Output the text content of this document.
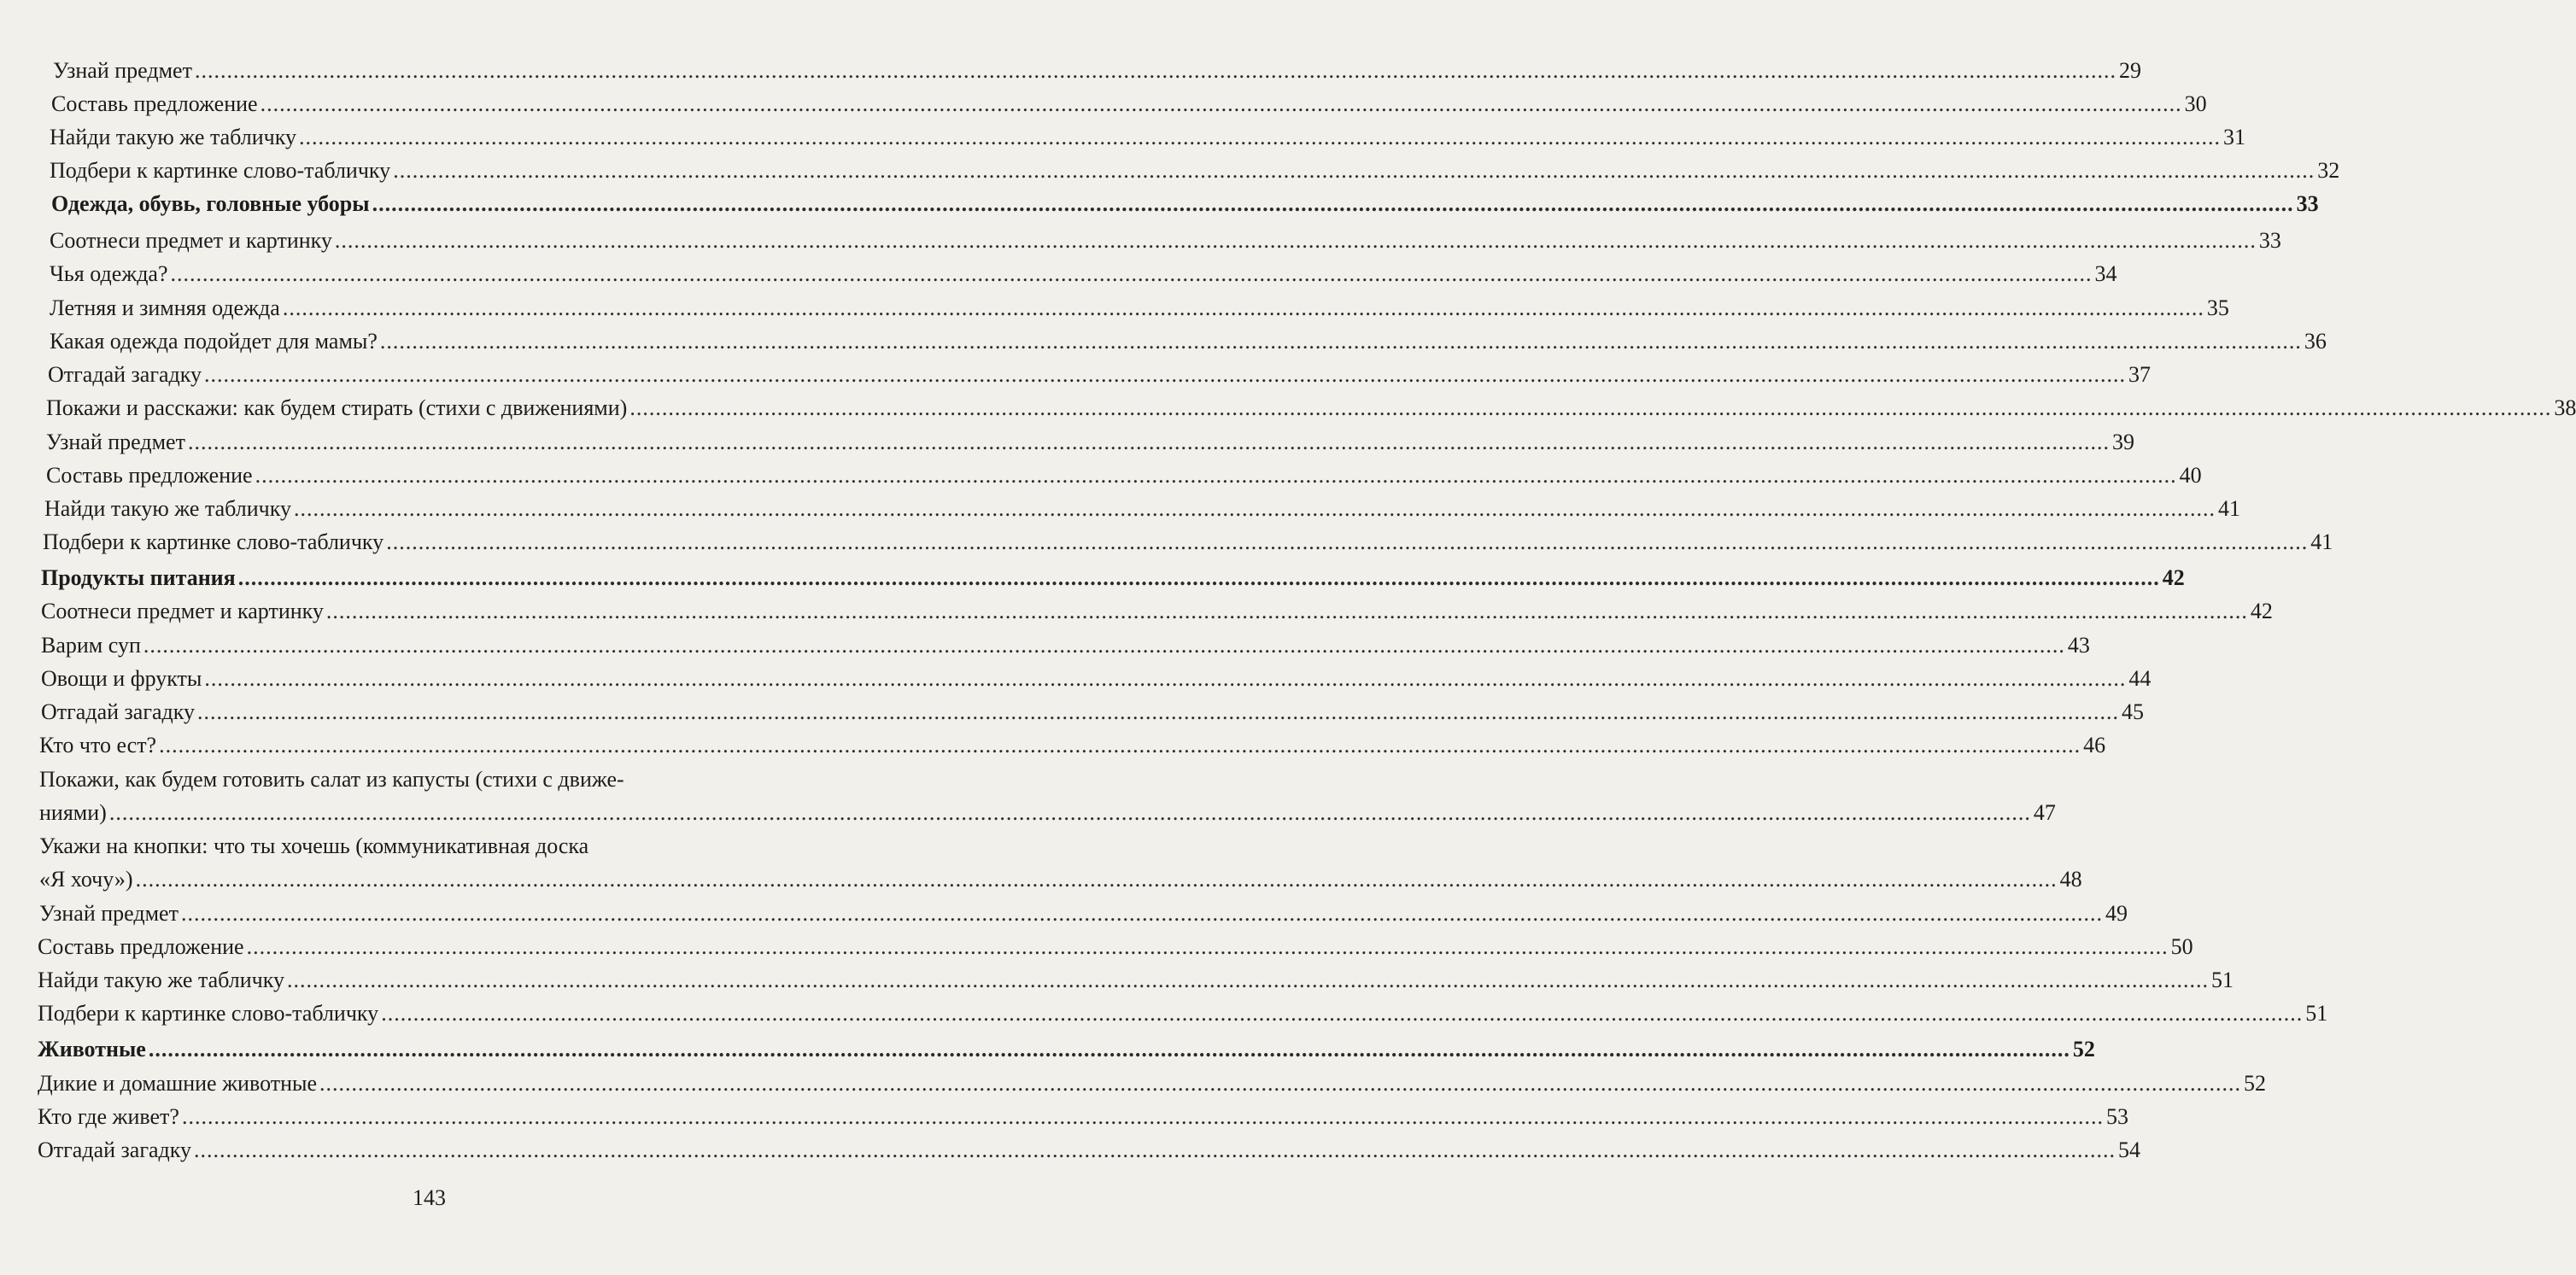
Узнай предмет ............................................................................................................................................................................................................................................................................................................ 29
Составь предложение ............................................................................................................................................................................................................................................................................................................ 30
Найди такую же табличку ............................................................................................................................................................................................................................................................................................................ 31
Подбери к картинке слово-табличку ............................................................................................................................................................................................................................................................................................................ 32
Одежда, обувь, головные уборы ............................................................................................................................................................................................................................................................................................................ 33
Соотнеси предмет и картинку ............................................................................................................................................................................................................................................................................................................ 33
Чья одежда? ............................................................................................................................................................................................................................................................................................................ 34
Летняя и зимняя одежда ............................................................................................................................................................................................................................................................................................................ 35
Какая одежда подойдет для мамы? ............................................................................................................................................................................................................................................................................................................ 36
Отгадай загадку ............................................................................................................................................................................................................................................................................................................ 37
Покажи и расскажи: как будем стирать (стихи с движениями) ............................................................................................................................................................................................................................................................................................................ 38
Узнай предмет ............................................................................................................................................................................................................................................................................................................ 39
Составь предложение ............................................................................................................................................................................................................................................................................................................ 40
Найди такую же табличку ............................................................................................................................................................................................................................................................................................................ 41
Подбери к картинке слово-табличку ............................................................................................................................................................................................................................................................................................................ 41
Продукты питания ............................................................................................................................................................................................................................................................................................................ 42
Соотнеси предмет и картинку ............................................................................................................................................................................................................................................................................................................ 42
Варим суп ............................................................................................................................................................................................................................................................................................................ 43
Овощи и фрукты ............................................................................................................................................................................................................................................................................................................ 44
Отгадай загадку ............................................................................................................................................................................................................................................................................................................ 45
Кто что ест? ............................................................................................................................................................................................................................................................................................................ 46
Покажи, как будем готовить салат из капусты (стихи с движе-
ниями) ............................................................................................................................................................................................................................................................................................................ 47
Укажи на кнопки: что ты хочешь (коммуникативная доска
«Я хочу») ............................................................................................................................................................................................................................................................................................................ 48
Узнай предмет ............................................................................................................................................................................................................................................................................................................ 49
Составь предложение ............................................................................................................................................................................................................................................................................................................ 50
Найди такую же табличку ............................................................................................................................................................................................................................................................................................................ 51
Подбери к картинке слово-табличку ............................................................................................................................................................................................................................................................................................................ 51
Животные ............................................................................................................................................................................................................................................................................................................ 52
Дикие и домашние животные ............................................................................................................................................................................................................................................................................................................ 52
Кто где живет? ............................................................................................................................................................................................................................................................................................................ 53
Отгадай загадку ............................................................................................................................................................................................................................................................................................................ 54
143
